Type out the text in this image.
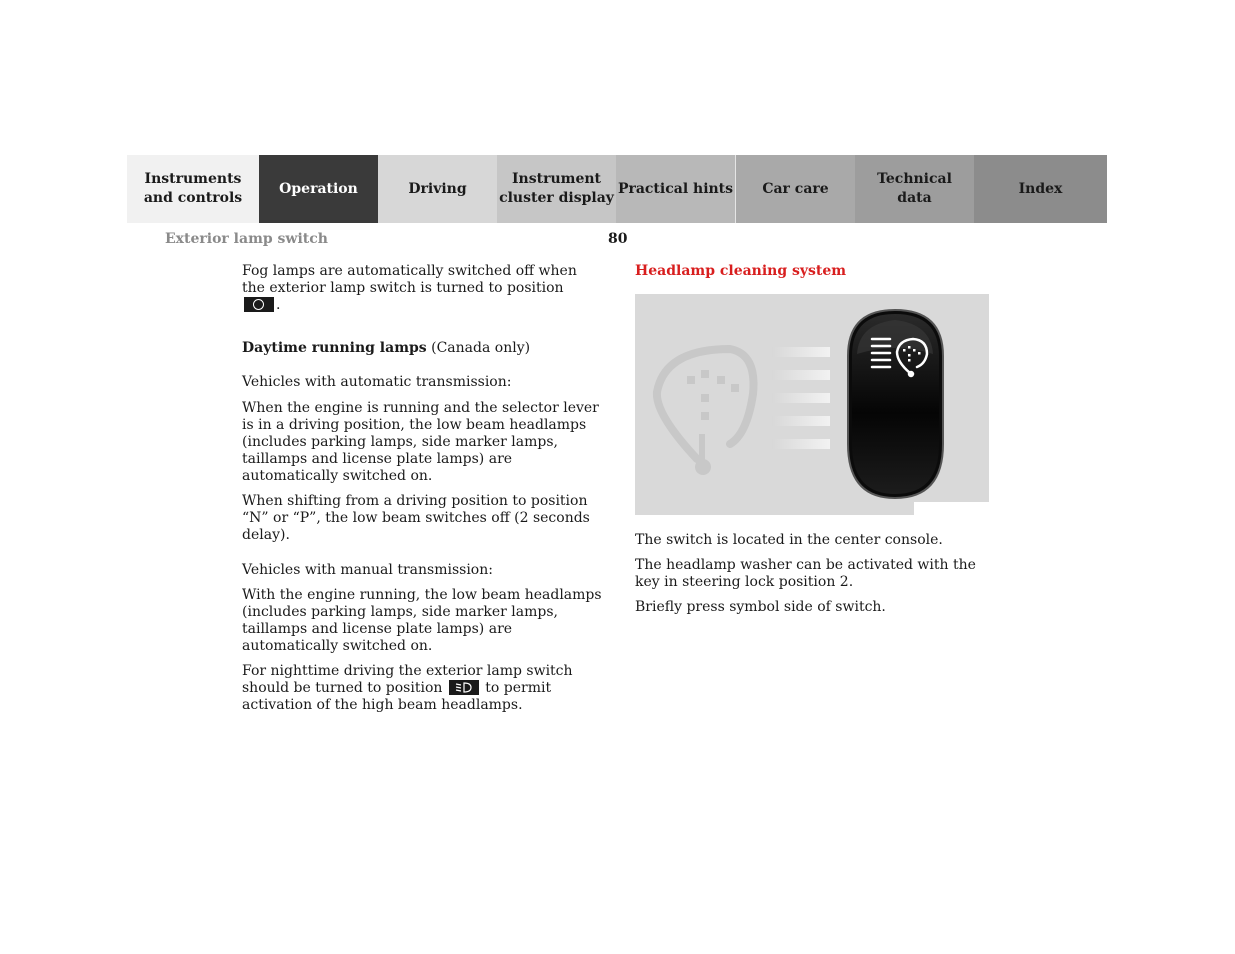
Instruments
and controls
Operation	Driving
Instrument
cluster display
Practical hints Car care
Technical
data
Index
Exterior lamp switch	80

Fog lamps are automatically switched off when the exterior lamp switch is turned to position .

Daytime running lamps (Canada only)

Vehicles with automatic transmission:

When the engine is running and the selector lever is in a driving position, the low beam headlamps (includes parking lamps, side marker lamps, taillamps and license plate lamps) are automatically switched on.

When shifting from a driving position to position “N” or “P”, the low beam switches off (2 seconds delay).

Vehicles with manual transmission:

With the engine running, the low beam headlamps (includes parking lamps, side marker lamps, taillamps and license plate lamps) are automatically switched on.

For nighttime driving the exterior lamp switch should be turned to position	to permit activation of the high beam headlamps.

Headlamp cleaning system

The switch is located in the center console.

The headlamp washer can be activated with the key in steering lock position 2.

Briefly press symbol side of switch.
